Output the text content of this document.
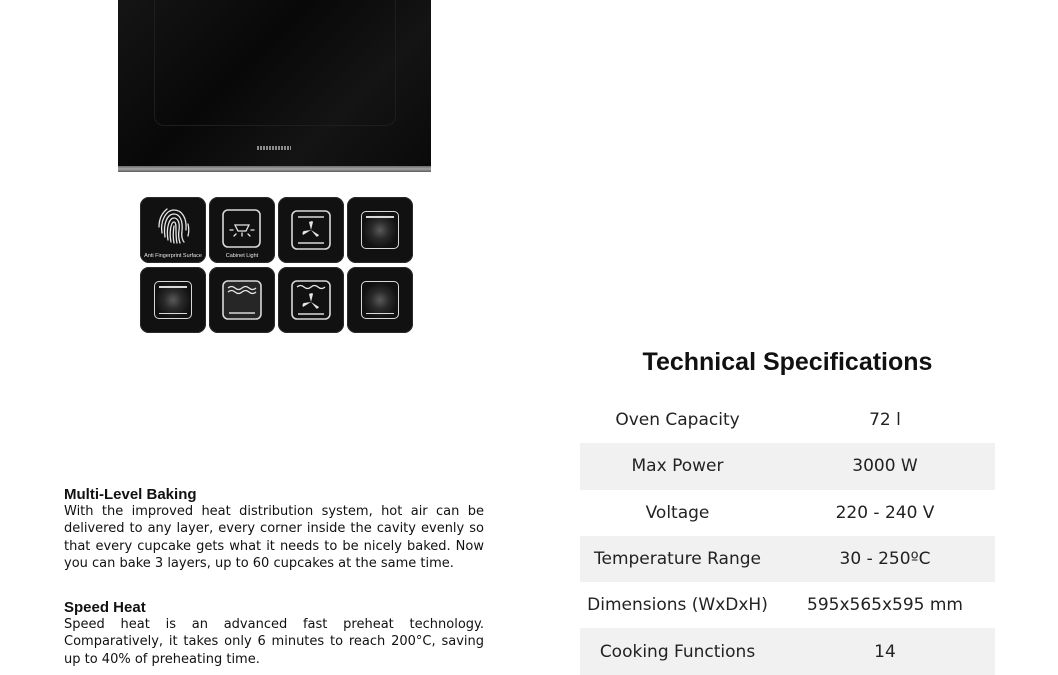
Anti Fingerprint Surface	Cabinet Light
Technical Specifications
Oven Capacity	72 l
Max Power	3000 W
Voltage	220 - 240 V
Temperature Range	30 - 250ºC
Dimensions (WxDxH)	595x565x595 mm
Cooking Functions	14
Multi-Level Baking

With the improved heat distribution system, hot air can be delivered to any layer, every corner inside the cavity evenly so that every cupcake gets what it needs to be nicely baked. Now you can bake 3 layers, up to 60 cupcakes at the same time.

Speed Heat

Speed heat is an advanced fast preheat technology. Comparatively, it takes only 6 minutes to reach 200°C, saving up to 40% of preheating time.
